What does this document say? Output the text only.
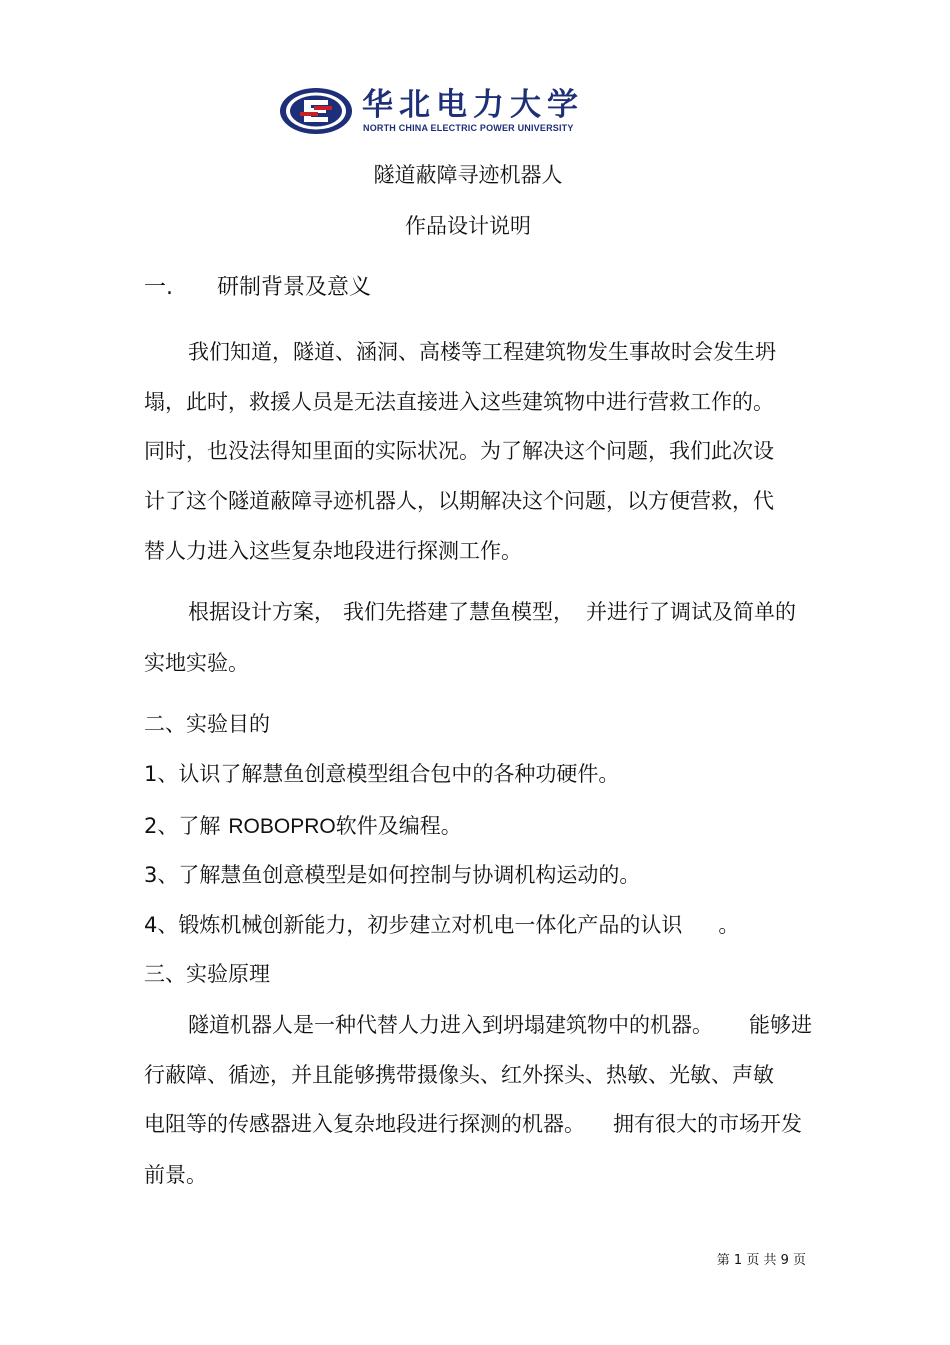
华北电力大学
NORTH CHINA ELECTRIC POWER UNIVERSITY
隧道蔽障寻迹机器人
作品设计说明
一. 研制背景及意义
我们知道，隧道、涵洞、高楼等工程建筑物发生事故时会发生坍
塌，此时，救援人员是无法直接进入这些建筑物中进行营救工作的。
同时，也没法得知里面的实际状况。为了解决这个问题，我们此次设
计了这个隧道蔽障寻迹机器人，以期解决这个问题，以方便营救，代
替人力进入这些复杂地段进行探测工作。
根据设计方案， 我们先搭建了慧鱼模型， 并进行了调试及简单的
实地实验。
二、实验目的
1、认识了解慧鱼创意模型组合包中的各种功硬件。
2、了解 ROBOPRO软件及编程。
3、了解慧鱼创意模型是如何控制与协调机构运动的。
4、锻炼机械创新能力，初步建立对机电一体化产品的认识 。
三、实验原理
隧道机器人是一种代替人力进入到坍塌建筑物中的机器。 能够进
行蔽障、循迹，并且能够携带摄像头、红外探头、热敏、光敏、声敏
电阻等的传感器进入复杂地段进行探测的机器。 拥有很大的市场开发
前景。
第 1 页 共 9 页
